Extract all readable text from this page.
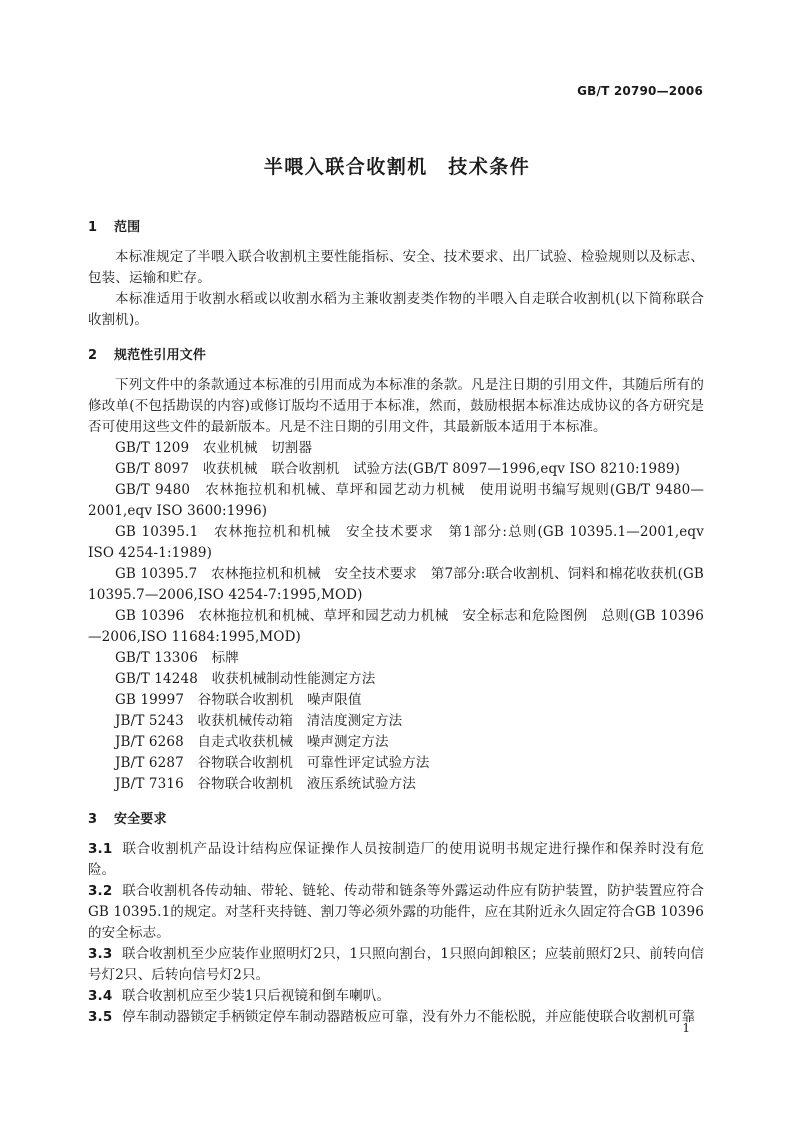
GB/T 20790—2006
半喂入联合收割机　技术条件
1 范围

本标准规定了半喂入联合收割机主要性能指标、安全、技术要求、出厂试验、检验规则以及标志、包装、运输和贮存。

本标准适用于收割水稻或以收割水稻为主兼收割麦类作物的半喂入自走联合收割机(以下简称联合收割机)。

2 规范性引用文件

下列文件中的条款通过本标准的引用而成为本标准的条款。凡是注日期的引用文件，其随后所有的修改单(不包括勘误的内容)或修订版均不适用于本标准，然而，鼓励根据本标准达成协议的各方研究是否可使用这些文件的最新版本。凡是不注日期的引用文件，其最新版本适用于本标准。

GB/T 1209　农业机械　切割器

GB/T 8097　收获机械　联合收割机　试验方法(GB/T 8097—1996,eqv ISO 8210:1989)

GB/T 9480　农林拖拉机和机械、草坪和园艺动力机械　使用说明书编写规则(GB/T 9480—2001,eqv ISO 3600:1996)

GB 10395.1　农林拖拉机和机械　安全技术要求　第1部分:总则(GB 10395.1—2001,eqv ISO 4254-1:1989)

GB 10395.7　农林拖拉机和机械　安全技术要求　第7部分:联合收割机、饲料和棉花收获机(GB 10395.7—2006,ISO 4254-7:1995,MOD)

GB 10396　农林拖拉机和机械、草坪和园艺动力机械　安全标志和危险图例　总则(GB 10396—2006,ISO 11684:1995,MOD)

GB/T 13306　标牌

GB/T 14248　收获机械制动性能测定方法

GB 19997　谷物联合收割机　噪声限值

JB/T 5243　收获机械传动箱　清洁度测定方法

JB/T 6268　自走式收获机械　噪声测定方法

JB/T 6287　谷物联合收割机　可靠性评定试验方法

JB/T 7316　谷物联合收割机　液压系统试验方法

3 安全要求

3.1 联合收割机产品设计结构应保证操作人员按制造厂的使用说明书规定进行操作和保养时没有危险。

3.2 联合收割机各传动轴、带轮、链轮、传动带和链条等外露运动件应有防护装置，防护装置应符合GB 10395.1的规定。对茎秆夹持链、割刀等必须外露的功能件，应在其附近永久固定符合GB 10396的安全标志。

3.3 联合收割机至少应装作业照明灯2只，1只照向割台，1只照向卸粮区；应装前照灯2只、前转向信号灯2只、后转向信号灯2只。

3.4 联合收割机应至少装1只后视镜和倒车喇叭。

3.5 停车制动器锁定手柄锁定停车制动器踏板应可靠，没有外力不能松脱，并应能使联合收割机可靠

1
